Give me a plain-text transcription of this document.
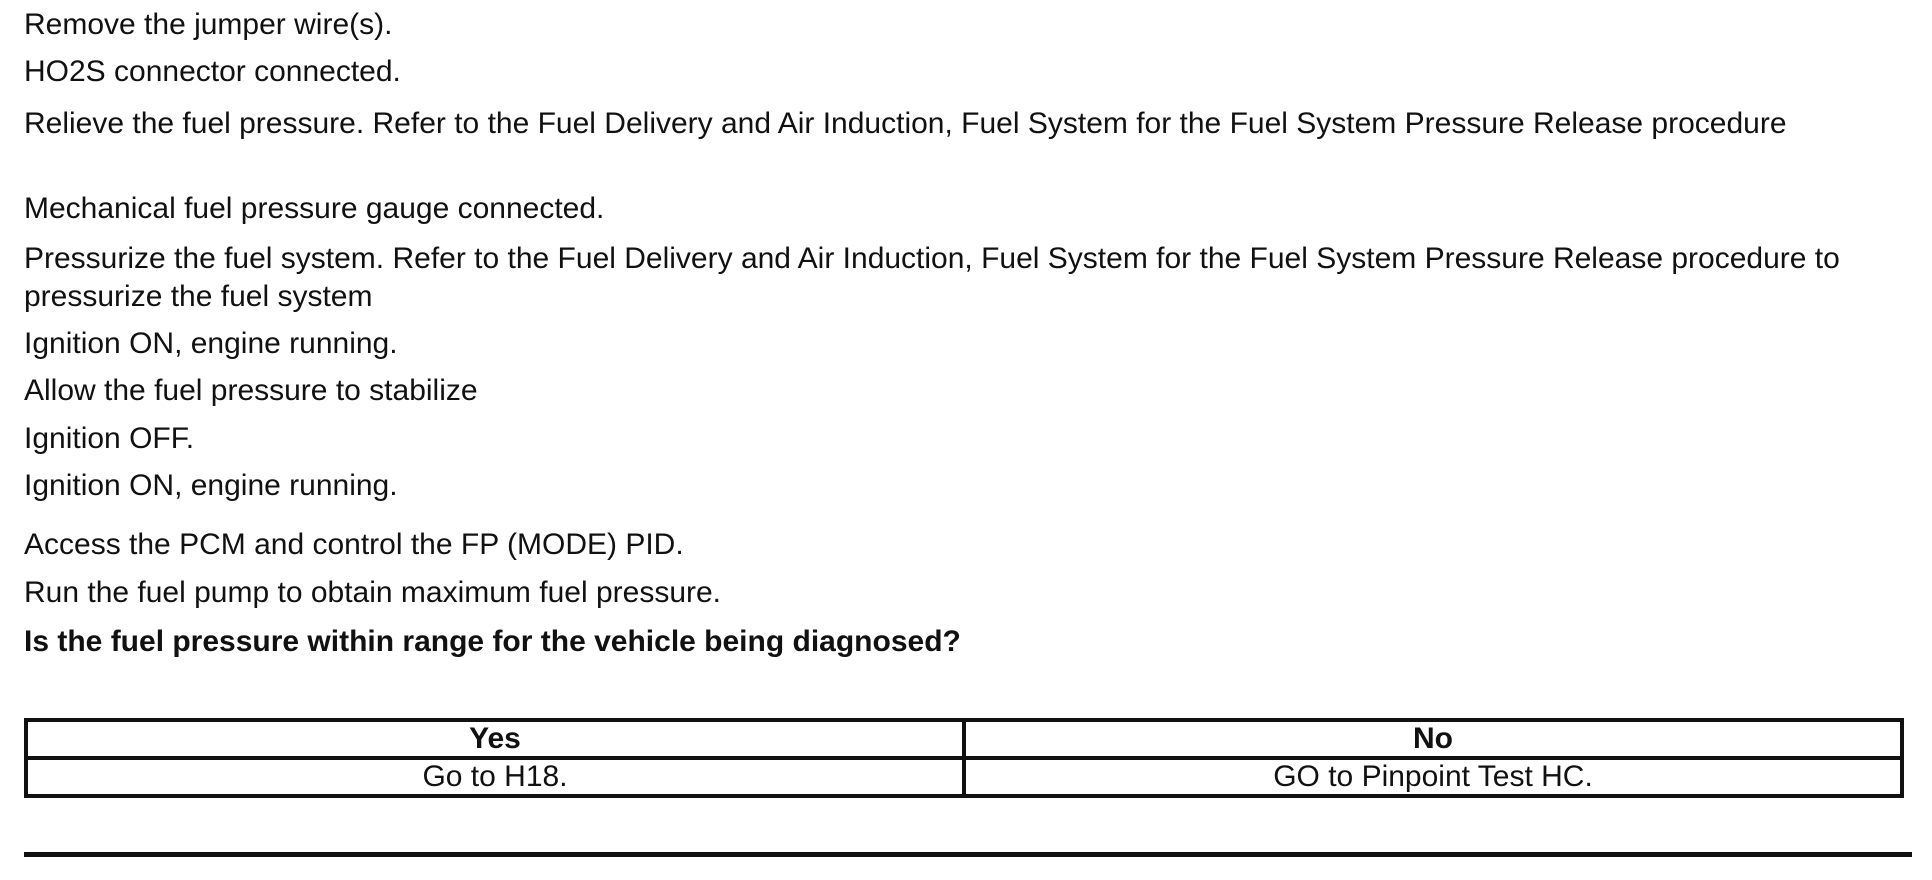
Remove the jumper wire(s).
HO2S connector connected.
Relieve the fuel pressure. Refer to the Fuel Delivery and Air Induction, Fuel System for the Fuel System Pressure Release procedure
Mechanical fuel pressure gauge connected.
Pressurize the fuel system. Refer to the Fuel Delivery and Air Induction, Fuel System for the Fuel System Pressure Release procedure to pressurize the fuel system
Ignition ON, engine running.
Allow the fuel pressure to stabilize
Ignition OFF.
Ignition ON, engine running.
Access the PCM and control the FP (MODE) PID.
Run the fuel pump to obtain maximum fuel pressure.
Is the fuel pressure within range for the vehicle being diagnosed?
Yes	No
Go to H18.	GO to Pinpoint Test HC.
